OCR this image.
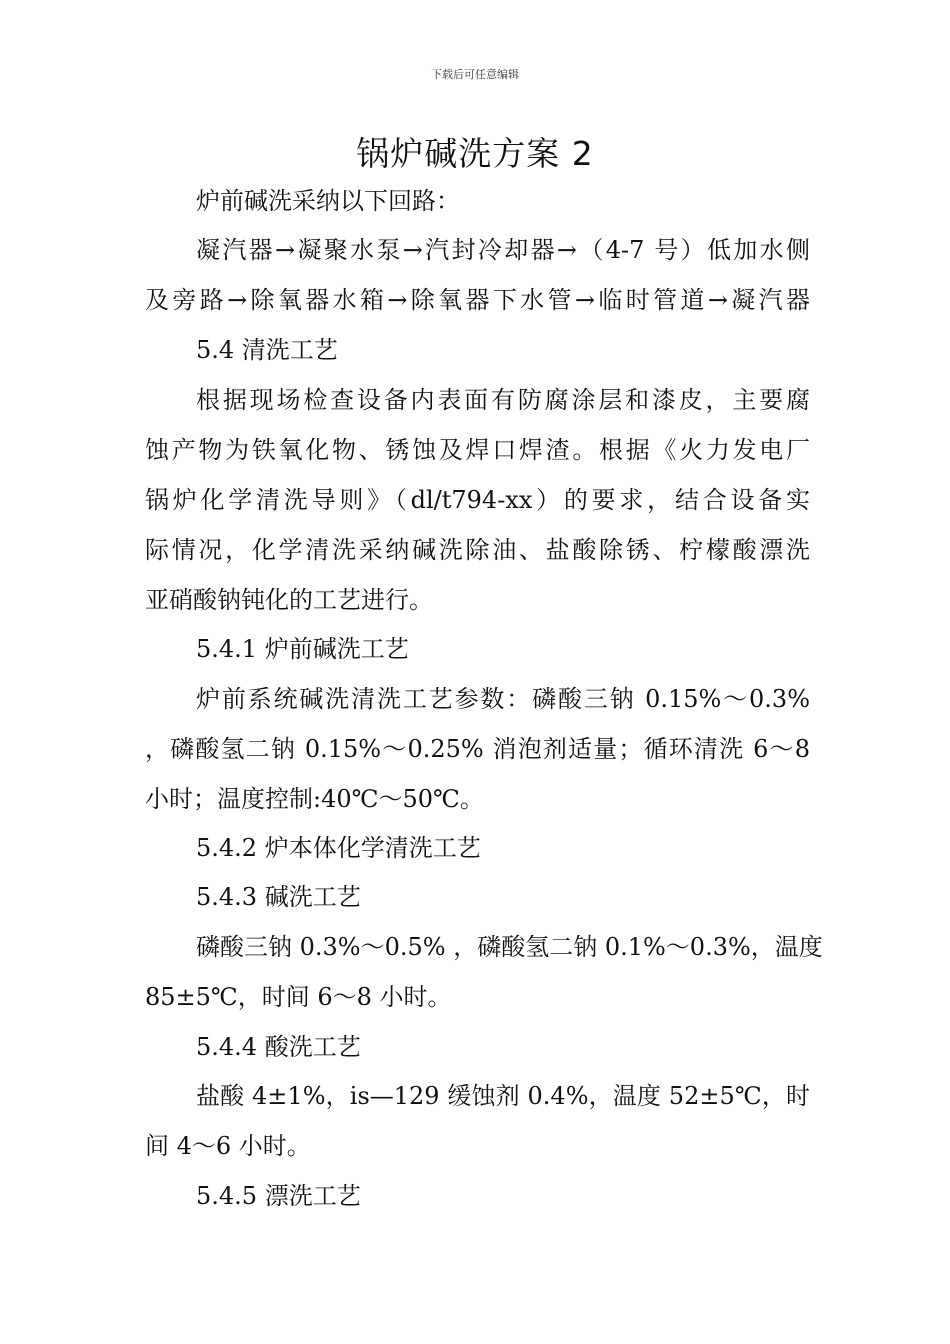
下载后可任意编辑
锅炉碱洗方案 2

炉前碱洗采纳以下回路：

凝汽器→凝聚水泵→汽封冷却器→（4-7 号）低加水侧

及旁路→除氧器水箱→除氧器下水管→临时管道→凝汽器

5.4 清洗工艺

根据现场检查设备内表面有防腐涂层和漆皮，主要腐

蚀产物为铁氧化物、锈蚀及焊口焊渣。根据《火力发电厂

锅炉化学清洗导则》（dl/t794-xx）的要求，结合设备实

际情况，化学清洗采纳碱洗除油、盐酸除锈、柠檬酸漂洗

亚硝酸钠钝化的工艺进行。

5.4.1 炉前碱洗工艺

炉前系统碱洗清洗工艺参数：磷酸三钠 0.15%～0.3%

，磷酸氢二钠 0.15%～0.25% 消泡剂适量；循环清洗 6～8

小时；温度控制:40℃～50℃。

5.4.2 炉本体化学清洗工艺

5.4.3 碱洗工艺

磷酸三钠 0.3%～0.5% ，磷酸氢二钠 0.1%～0.3%，温度

85±5℃，时间 6～8 小时。

5.4.4 酸洗工艺

盐酸 4±1%，is—129 缓蚀剂 0.4%，温度 52±5℃，时

间 4～6 小时。

5.4.5 漂洗工艺
